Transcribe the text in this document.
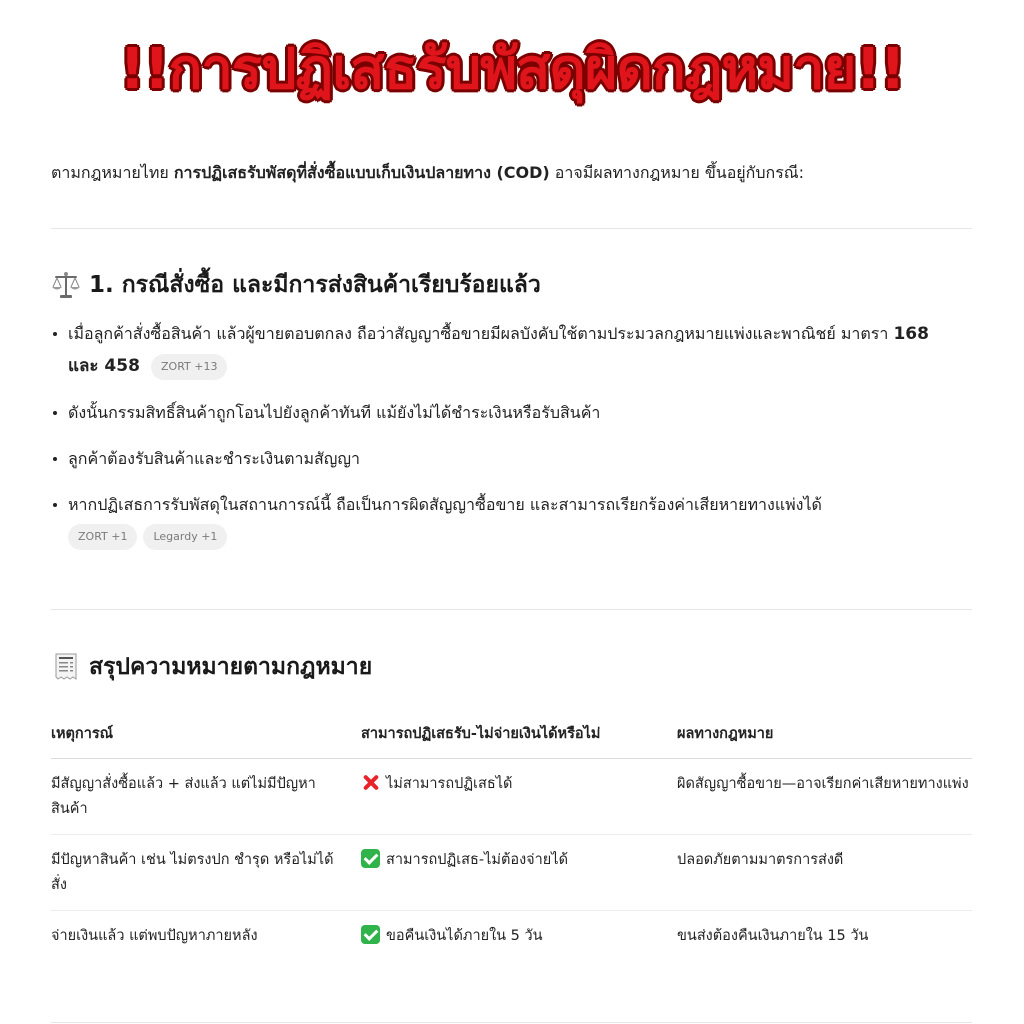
!!การปฏิเสธรับพัสดุผิดกฎหมาย!!

ตามกฎหมายไทย การปฏิเสธรับพัสดุที่สั่งซื้อแบบเก็บเงินปลายทาง (COD) อาจมีผลทางกฎหมาย ขึ้นอยู่กับกรณี:

1. กรณีสั่งซื้อ และมีการส่งสินค้าเรียบร้อยแล้ว
เมื่อลูกค้าสั่งซื้อสินค้า แล้วผู้ขายตอบตกลง ถือว่าสัญญาซื้อขายมีผลบังคับใช้ตามประมวลกฎหมายแพ่งและพาณิชย์ มาตรา 168 และ 458 ZORT +13
ดังนั้นกรรมสิทธิ์สินค้าถูกโอนไปยังลูกค้าทันที แม้ยังไม่ได้ชำระเงินหรือรับสินค้า
ลูกค้าต้องรับสินค้าและชำระเงินตามสัญญา
หากปฏิเสธการรับพัสดุในสถานการณ์นี้ ถือเป็นการผิดสัญญาซื้อขาย และสามารถเรียกร้องค่าเสียหายทางแพ่งได้
ZORT +1 Legardy +1
สรุปความหมายตามกฎหมาย
เหตุการณ์	สามารถปฏิเสธรับ-ไม่จ่ายเงินได้หรือไม่	ผลทางกฎหมาย
มีสัญญาสั่งซื้อแล้ว + ส่งแล้ว แต่ไม่มีปัญหาสินค้า	ไม่สามารถปฏิเสธได้	ผิดสัญญาซื้อขาย—อาจเรียกค่าเสียหายทางแพ่ง
มีปัญหาสินค้า เช่น ไม่ตรงปก ชำรุด หรือไม่ได้สั่ง	สามารถปฏิเสธ-ไม่ต้องจ่ายได้	ปลอดภัยตามมาตรการส่งดี
จ่ายเงินแล้ว แต่พบปัญหาภายหลัง	ขอคืนเงินได้ภายใน 5 วัน	ขนส่งต้องคืนเงินภายใน 15 วัน
